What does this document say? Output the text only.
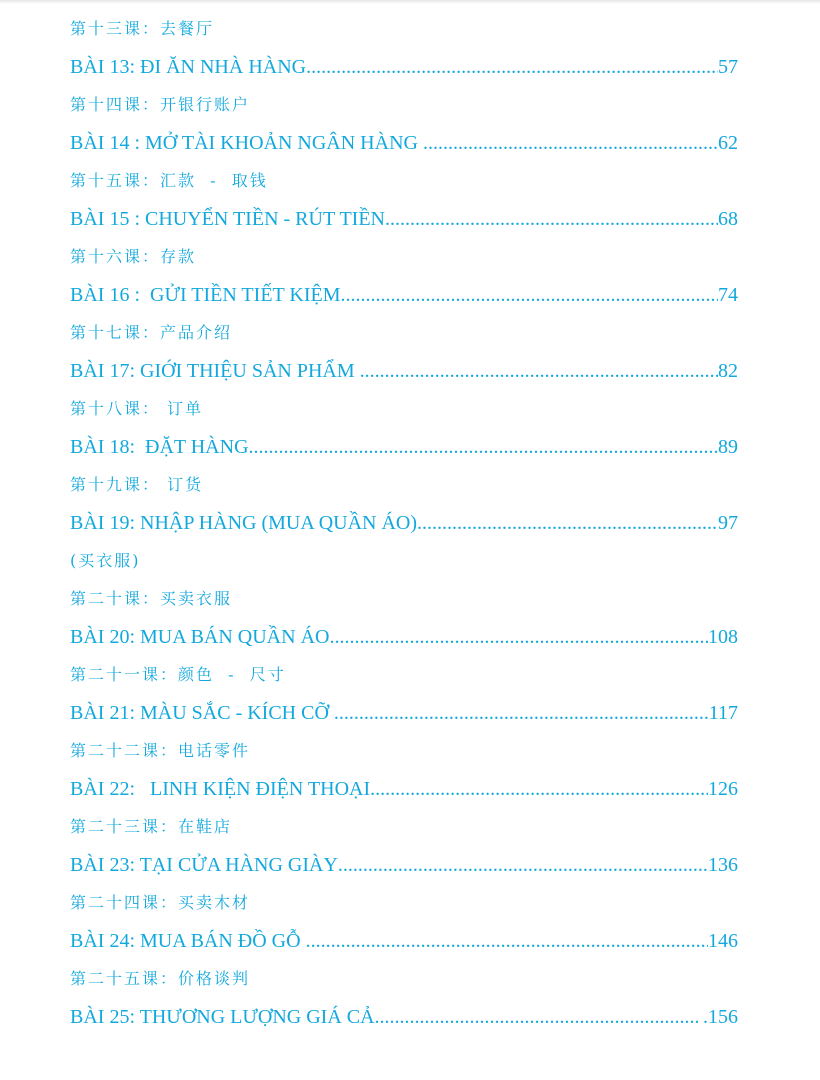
第十三课：去餐厅
BÀI 13: ĐI ĂN NHÀ HÀNG .....	57
第十四课：开银行账户
BÀI 14 : MỞ TÀI KHOẢN NGÂN HÀNG .....	62
第十五课：汇款  -  取钱
BÀI 15 : CHUYỂN TIỀN - RÚT TIỀN .....	68
第十六课：存款
BÀI 16 :  GỬI TIỀN TIẾT KIỆM .....	74
第十七课：产品介绍
BÀI 17: GIỚI THIỆU SẢN PHẨM .....	82
第十八课： 订单
BÀI 18:  ĐẶT HÀNG .....	89
第十九课： 订货
BÀI 19: NHẬP HÀNG (MUA QUẦN ÁO) .....	97
(买衣服)
第二十课：买卖衣服
BÀI 20: MUA BÁN QUẦN ÁO .....	108
第二十一课：颜色  -  尺寸
BÀI 21: MÀU SẮC - KÍCH CỠ .....	117
第二十二课：电话零件
BÀI 22:   LINH KIỆN ĐIỆN THOẠI .....	126
第二十三课：在鞋店
BÀI 23: TẠI CỬA HÀNG GIÀY .....	136
第二十四课：买卖木材
BÀI 24: MUA BÁN ĐỒ GỖ .....	146
第二十五课：价格谈判
BÀI 25: THƯƠNG LƯỢNG GIÁ CẢ .....	.156
